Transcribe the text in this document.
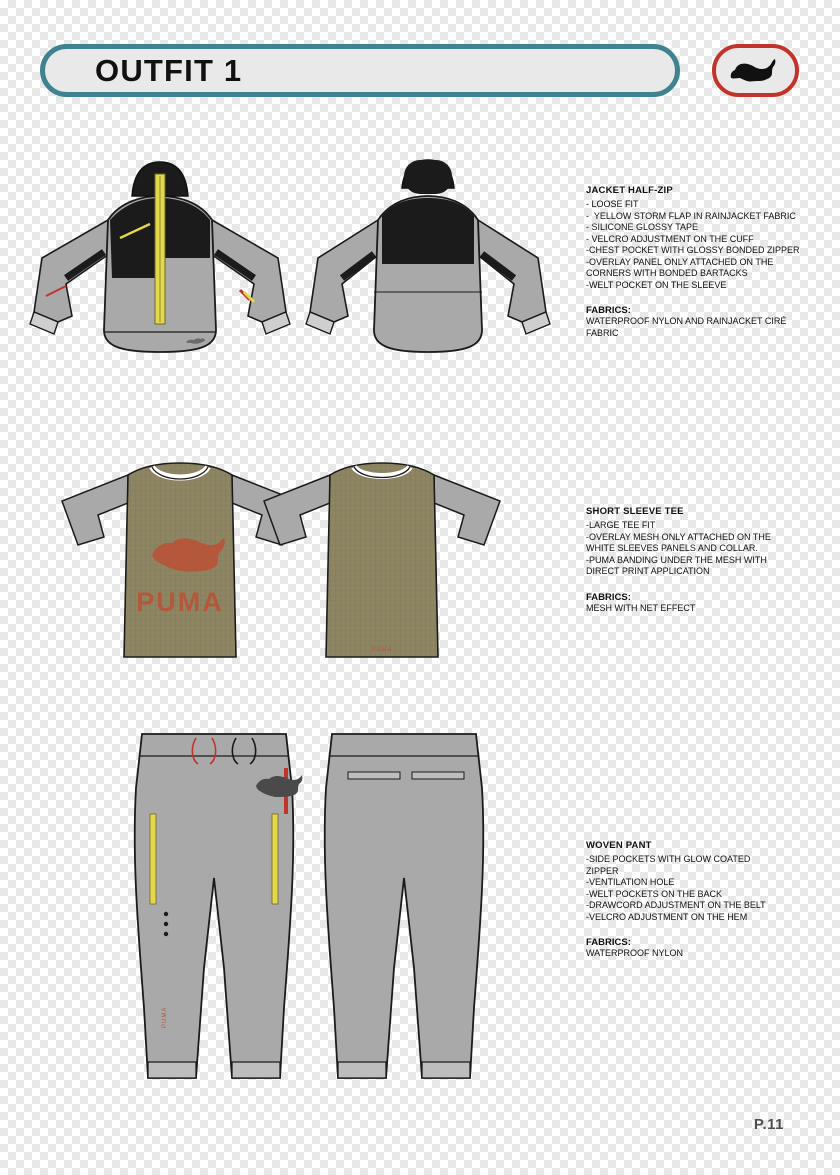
OUTFIT 1
PUMA
PUMA
PUMA
JACKET HALF-ZIP
- LOOSE FIT
-  YELLOW STORM FLAP IN RAINJACKET FABRIC
- SILICONE GLOSSY TAPE
- VELCRO ADJUSTMENT ON THE CUFF
-CHEST POCKET WITH GLOSSY BONDED ZIPPER
-OVERLAY PANEL ONLY ATTACHED ON THE
CORNERS WITH BONDED BARTACKS
-WELT POCKET ON THE SLEEVE
FABRICS:
WATERPROOF NYLON AND RAINJACKET CIRÉ FABRIC
SHORT SLEEVE TEE
-LARGE TEE FIT
-OVERLAY MESH ONLY ATTACHED ON THE
WHITE SLEEVES PANELS AND COLLAR.
-PUMA BANDING UNDER THE MESH WITH
DIRECT PRINT APPLICATION
FABRICS:
MESH WITH NET EFFECT
WOVEN PANT
-SIDE POCKETS WITH GLOW COATED
ZIPPER
-VENTILATION HOLE
-WELT POCKETS ON THE BACK
-DRAWCORD ADJUSTMENT ON THE BELT
-VELCRO ADJUSTMENT ON THE HEM
FABRICS:
WATERPROOF NYLON
P.11
